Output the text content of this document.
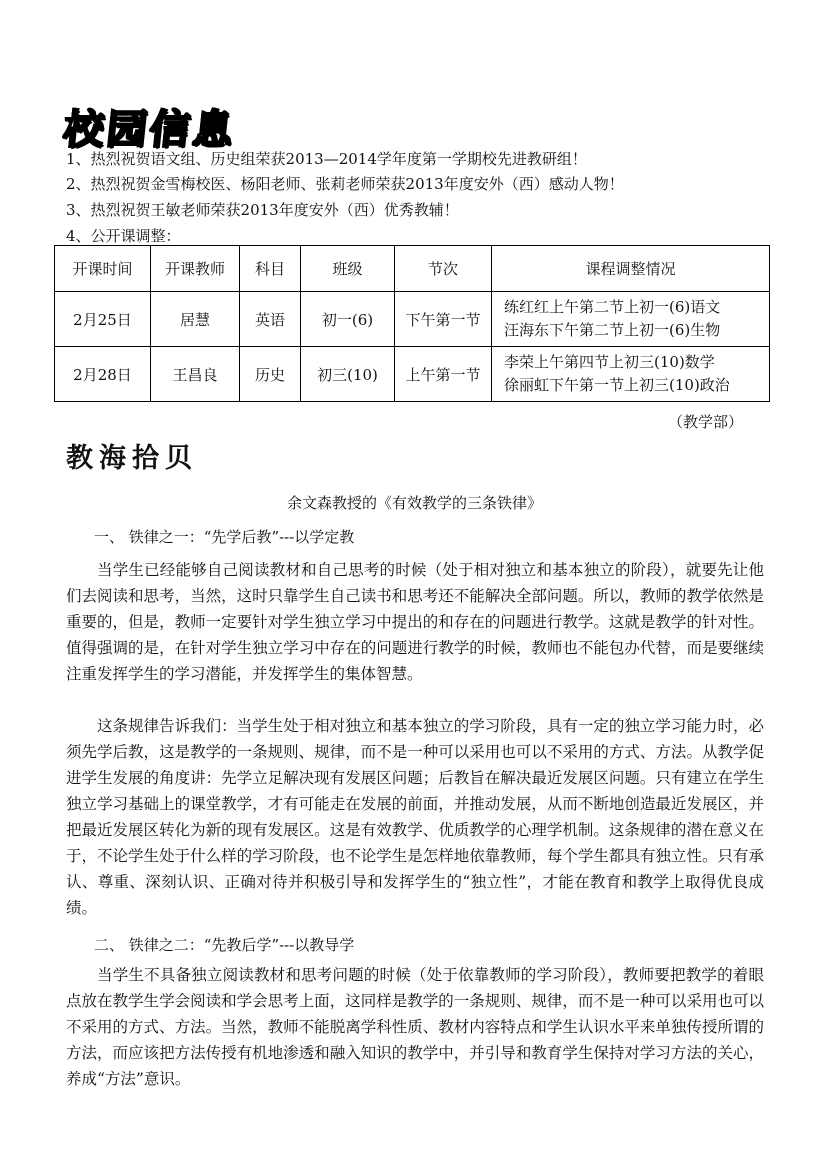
校园信息
1、热烈祝贺语文组、历史组荣获2013—2014学年度第一学期校先进教研组！
2、热烈祝贺金雪梅校医、杨阳老师、张莉老师荣获2013年度安外（西）感动人物！
3、热烈祝贺王敏老师荣获2013年度安外（西）优秀教辅！
4、公开课调整：
开课时间	开课教师	科目	班级	节次	课程调整情况
2月25日	居慧	英语	初一(6)	下午第一节	练红红上午第二节上初一(6)语文
汪海东下午第二节上初一(6)生物

2月28日	王昌良	历史	初三(10)	上午第一节	李荣上午第四节上初三(10)数学
徐丽虹下午第一节上初三(10)政治
（教学部）
教海拾贝
余文森教授的《有效教学的三条铁律》
一、 铁律之一：“先学后教”---以学定教
当学生已经能够自己阅读教材和自己思考的时候（处于相对独立和基本独立的阶段），就要先让他们去阅读和思考，当然，这时只靠学生自己读书和思考还不能解决全部问题。所以，教师的教学依然是重要的，但是，教师一定要针对学生独立学习中提出的和存在的问题进行教学。这就是教学的针对性。值得强调的是，在针对学生独立学习中存在的问题进行教学的时候，教师也不能包办代替，而是要继续注重发挥学生的学习潜能，并发挥学生的集体智慧。
这条规律告诉我们：当学生处于相对独立和基本独立的学习阶段，具有一定的独立学习能力时，必须先学后教，这是教学的一条规则、规律，而不是一种可以采用也可以不采用的方式、方法。从教学促进学生发展的角度讲：先学立足解决现有发展区问题；后教旨在解决最近发展区问题。只有建立在学生独立学习基础上的课堂教学，才有可能走在发展的前面，并推动发展，从而不断地创造最近发展区，并把最近发展区转化为新的现有发展区。这是有效教学、优质教学的心理学机制。这条规律的潜在意义在于，不论学生处于什么样的学习阶段，也不论学生是怎样地依靠教师，每个学生都具有独立性。只有承认、尊重、深刻认识、正确对待并积极引导和发挥学生的“独立性”，才能在教育和教学上取得优良成绩。
二、 铁律之二：“先教后学”---以教导学
当学生不具备独立阅读教材和思考问题的时候（处于依靠教师的学习阶段），教师要把教学的着眼点放在教学生学会阅读和学会思考上面，这同样是教学的一条规则、规律，而不是一种可以采用也可以不采用的方式、方法。当然，教师不能脱离学科性质、教材内容特点和学生认识水平来单独传授所谓的方法，而应该把方法传授有机地渗透和融入知识的教学中，并引导和教育学生保持对学习方法的关心，养成“方法”意识。
